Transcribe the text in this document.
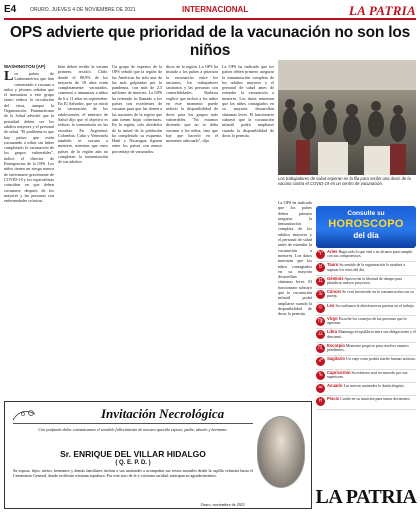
E4	ORURO, JUEVES 4 DE NOVIEMBRE DE 2021	INTERNACIONAL	LA PATRIA
OPS advierte que prioridad de la vacunación no son los niños
WASHINGTON (AP)
L os países de Latinoamérica que han comenzado a vacunar a niños y jóvenes señalan que el inmunizar a este grupo etario reduce la circulación del virus, aunque la Organización Panamericana de la Salud advirtió que la prioridad deben ser los adultos mayores y el personal de salud. "El problema es que hay países que están vacunando a niños sin haber completado la vacunación de los grupos vulnerables", indicó el director de Emergencias de la OPS. Los niños tienen un riesgo menor de enfermarse gravemente de COVID-19 y los especialistas coinciden en que deben vacunarse después de los mayores y las personas con enfermedades crónicas.
bién deben recibir la vacuna primero, recalcó. Chile, donde el 88,9% de los mayores de 18 años están completamente vacunados, comenzó a inmunizar a niños de 6 a 11 años en septiembre. En El Salvador, que ya inició la vacunación de los adolescentes, el ministro de Salud dijo que el objetivo es reducir la transmisión en las escuelas. En Argentina, Colombia, Cuba y Venezuela también se vacuna a menores, mientras que otros países de la región aún no completan la inmunización de sus adultos.
Un grupo de expertos de la OPS señaló que la región de las Américas ha sido una de las más golpeadas por la pandemia, con más de 2,3 millones de muertes. La OPS ha reiterado su llamado a los países con excedentes de vacunas para que las donen a las naciones de la región que aún tienen bajas coberturas. En la región, solo alrededor de la mitad de la población ha completado su esquema. Haití y Nicaragua figuran entre los países con menor porcentaje de vacunados.
dicos de la región. La OPS ha instado a los países a priorizar la vacunación entre los ancianos, los trabajadores sanitarios y las personas con comorbilidades. Barbosa explicó que incluir a los niños en este momento puede reducir la disponibilidad de dosis para los grupos más vulnerables. "No estamos diciendo que no se deba vacunar a los niños, sino que hay que hacerlo en el momento adecuado", dijo.
La OPS ha indicado que los países deben primero asegurar la inmunización completa de los adultos mayores y el personal de salud antes de extender la vacunación a menores. Los datos muestran que los niños contagiados en su mayoría desarrollan síntomas leves. El funcionario subrayó que la vacunación infantil podrá ampliarse cuando la disponibilidad de dosis lo permita.
La OPS ha indicado que los países deben primero asegurar la inmunización completa de los adultos mayores y el personal de salud antes de extender la vacunación a menores. Los datos muestran que los niños contagiados en su mayoría desarrollan síntomas leves. El funcionario subrayó que la vacunación infantil podrá ampliarse cuando la disponibilidad de dosis lo permita.
Los trabajadores de salud esperan en la fila para recibir una dosis de la vacuna contra el COVID-19 en un centro de vacunación.
Consulte su
HOROSCOPO
del día
♈ Aries Haga todo lo que esté a su alcance para cumplir con sus compromisos.
♉ Tauro Su sentido de la organización le ayudará a superar los retos del día.
♊ Géminis Aproveche la libertad de tiempo para planificar nuevos proyectos.
♋ Cáncer Se verá favorecido en la comunicación con su pareja.
♌ Leo Su confianza le abrirá nuevas puertas en el trabajo.
♍ Virgo Escuche los consejos de las personas que lo aprecian.
♎ Libra Mantenga el equilibrio entre sus obligaciones y el descanso.
♏ Escorpio Momento propicio para resolver asuntos pendientes.
♐ Sagitario Un viaje corto podría traerle buenas noticias.
♑ Capricornio Su esfuerzo será reconocido por sus superiores.
♒ Acuario Las nuevas amistades le darán alegrías.
♓ Piscis Confíe en su intuición para tomar decisiones.
Invitación Necrológica
Con profundo dolor comunicamos el sensible fallecimiento de nuestro querido esposo, padre, abuelo y hermano:
Sr. ENRIQUE DEL VILLAR HIDALGO
( Q. E. P. D. )
Su esposa, hijos, nietos, hermanos y demás familiares invitan a sus amistades a acompañar sus restos mortales desde la capilla velatoria hasta el Cementerio General, donde recibirán cristiana sepultura. Por este acto de fe y cristiana caridad, anticipan su agradecimiento.
Oruro, noviembre de 2021	LA PATRIA
